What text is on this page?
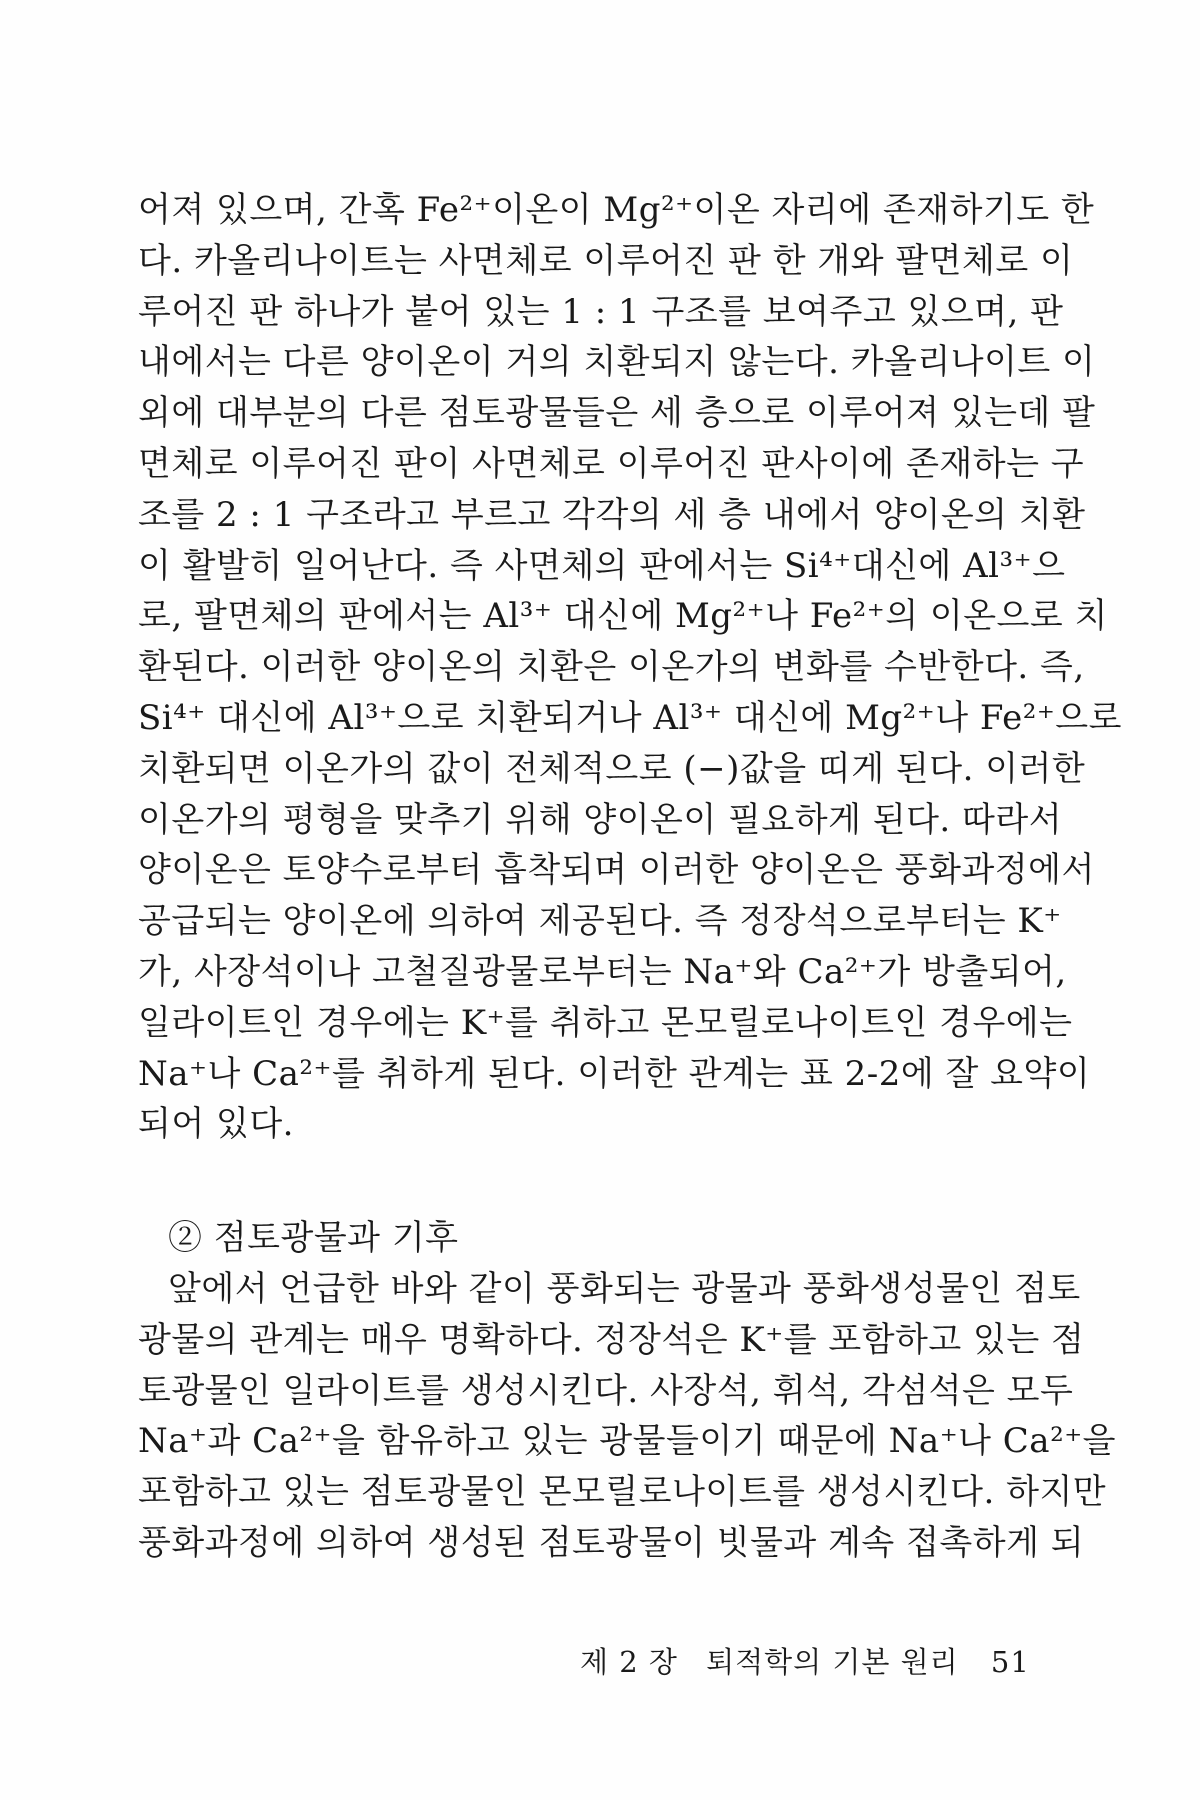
어져 있으며, 간혹 Fe²⁺이온이 Mg²⁺이온 자리에 존재하기도 한
다. 카올리나이트는 사면체로 이루어진 판 한 개와 팔면체로 이
루어진 판 하나가 붙어 있는 1 : 1 구조를 보여주고 있으며, 판
내에서는 다른 양이온이 거의 치환되지 않는다. 카올리나이트 이
외에 대부분의 다른 점토광물들은 세 층으로 이루어져 있는데 팔
면체로 이루어진 판이 사면체로 이루어진 판사이에 존재하는 구
조를 2 : 1 구조라고 부르고 각각의 세 층 내에서 양이온의 치환
이 활발히 일어난다. 즉 사면체의 판에서는 Si⁴⁺대신에 Al³⁺으
로, 팔면체의 판에서는 Al³⁺ 대신에 Mg²⁺나 Fe²⁺의 이온으로 치
환된다. 이러한 양이온의 치환은 이온가의 변화를 수반한다. 즉,
Si⁴⁺ 대신에 Al³⁺으로 치환되거나 Al³⁺ 대신에 Mg²⁺나 Fe²⁺으로
치환되면 이온가의 값이 전체적으로 (−)값을 띠게 된다. 이러한
이온가의 평형을 맞추기 위해 양이온이 필요하게 된다. 따라서
양이온은 토양수로부터 흡착되며 이러한 양이온은 풍화과정에서
공급되는 양이온에 의하여 제공된다. 즉 정장석으로부터는 K⁺
가, 사장석이나 고철질광물로부터는 Na⁺와 Ca²⁺가 방출되어,
일라이트인 경우에는 K⁺를 취하고 몬모릴로나이트인 경우에는
Na⁺나 Ca²⁺를 취하게 된다. 이러한 관계는 표 2-2에 잘 요약이
되어 있다.
② 점토광물과 기후
앞에서 언급한 바와 같이 풍화되는 광물과 풍화생성물인 점토
광물의 관계는 매우 명확하다. 정장석은 K⁺를 포함하고 있는 점
토광물인 일라이트를 생성시킨다. 사장석, 휘석, 각섬석은 모두
Na⁺과 Ca²⁺을 함유하고 있는 광물들이기 때문에 Na⁺나 Ca²⁺을
포함하고 있는 점토광물인 몬모릴로나이트를 생성시킨다. 하지만
풍화과정에 의하여 생성된 점토광물이 빗물과 계속 접촉하게 되
제 2 장 퇴적학의 기본 원리 51
